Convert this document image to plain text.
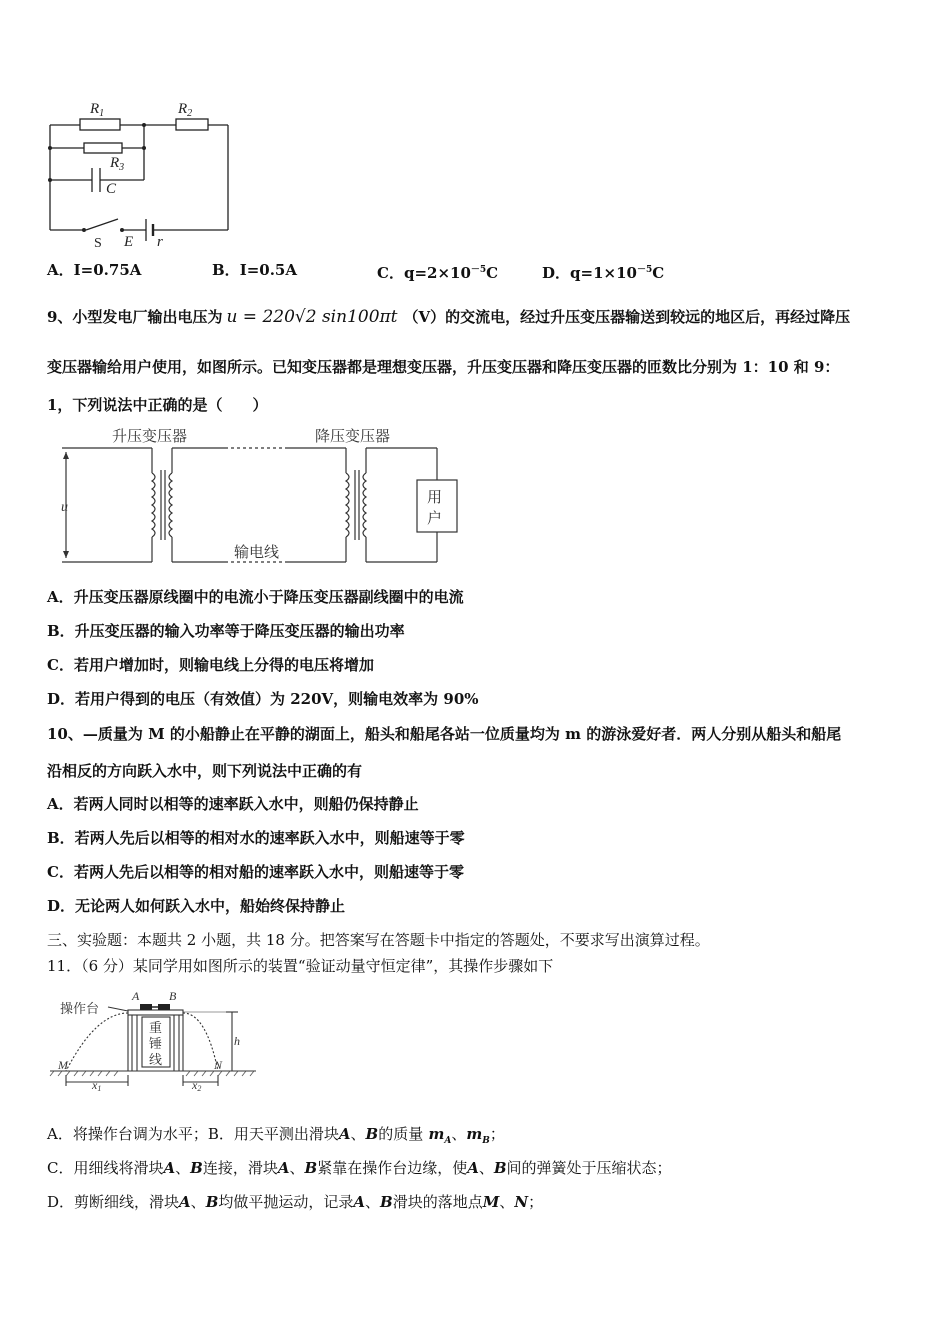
$R_1$	$R_2$
$R_3$
C
E r
S
A．I=0.75A	B．I=0.5A	C．$q=2\times 10^{-5}C$	D．$q=1\times 10^{-5}C$
9、小型发电厂输出电压为 u = 220√2 sin100πt （V）的交流电，经过升压变压器输送到较远的地区后，再经过降压
变压器输给用户使用，如图所示。已知变压器都是理想变压器，升压变压器和降压变压器的匝数比分别为 1：10 和 9：
1，下列说法中正确的是（　　）
升压变压器	降压变压器
输电线
用
户
u
A．升压变压器原线圈中的电流小于降压变压器副线圈中的电流
B．升压变压器的输入功率等于降压变压器的输出功率
C．若用户增加时，则输电线上分得的电压将增加
D．若用户得到的电压（有效值）为 220V，则输电效率为 90%
10、—质量为 M 的小船静止在平静的湖面上，船头和船尾各站一位质量均为 m 的游泳爱好者．两人分别从船头和船尾
沿相反的方向跃入水中，则下列说法中正确的有
A．若两人同时以相等的速率跃入水中，则船仍保持静止
B．若两人先后以相等的相对水的速率跃入水中，则船速等于零
C．若两人先后以相等的相对船的速率跃入水中，则船速等于零
D．无论两人如何跃入水中，船始终保持静止
三、实验题：本题共 2 小题，共 18 分。把答案写在答题卡中指定的答题处，不要求写出演算过程。
11．（6 分）某同学用如图所示的装置“验证动量守恒定律”，其操作步骤如下
操作台
重
锤
线
A B
h
M	N
x1	x2
A．将操作台调为水平；B．用天平测出滑块A、B的质量 $m_A$、$m_B$；
C．用细线将滑块A、B连接，滑块A、B紧靠在操作台边缘，使A、B间的弹簧处于压缩状态；
D．剪断细线，滑块A、B均做平抛运动，记录A、B滑块的落地点M、N；
